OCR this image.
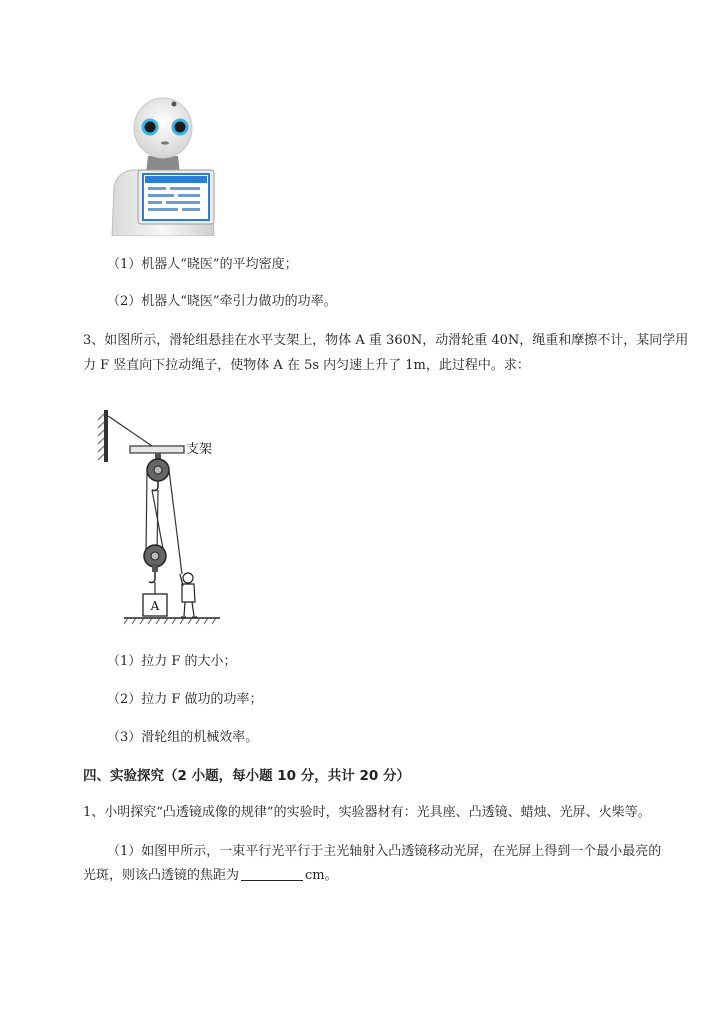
（1）机器人“晓医”的平均密度；
（2）机器人“晓医”牵引力做功的功率。
3、如图所示，滑轮组悬挂在水平支架上，物体 A 重 360N，动滑轮重 40N，绳重和摩擦不计，某同学用
力 F 竖直向下拉动绳子，使物体 A 在 5s 内匀速上升了 1m，此过程中。求：
支架
A
（1）拉力 F 的大小；
（2）拉力 F 做功的功率；
（3）滑轮组的机械效率。
四、实验探究（2 小题，每小题 10 分，共计 20 分）
1、小明探究“凸透镜成像的规律”的实验时，实验器材有：光具座、凸透镜、蜡烛、光屏、火柴等。
（1）如图甲所示，一束平行光平行于主光轴射入凸透镜移动光屏，在光屏上得到一个最小最亮的
光斑，则该凸透镜的焦距为	cm。
